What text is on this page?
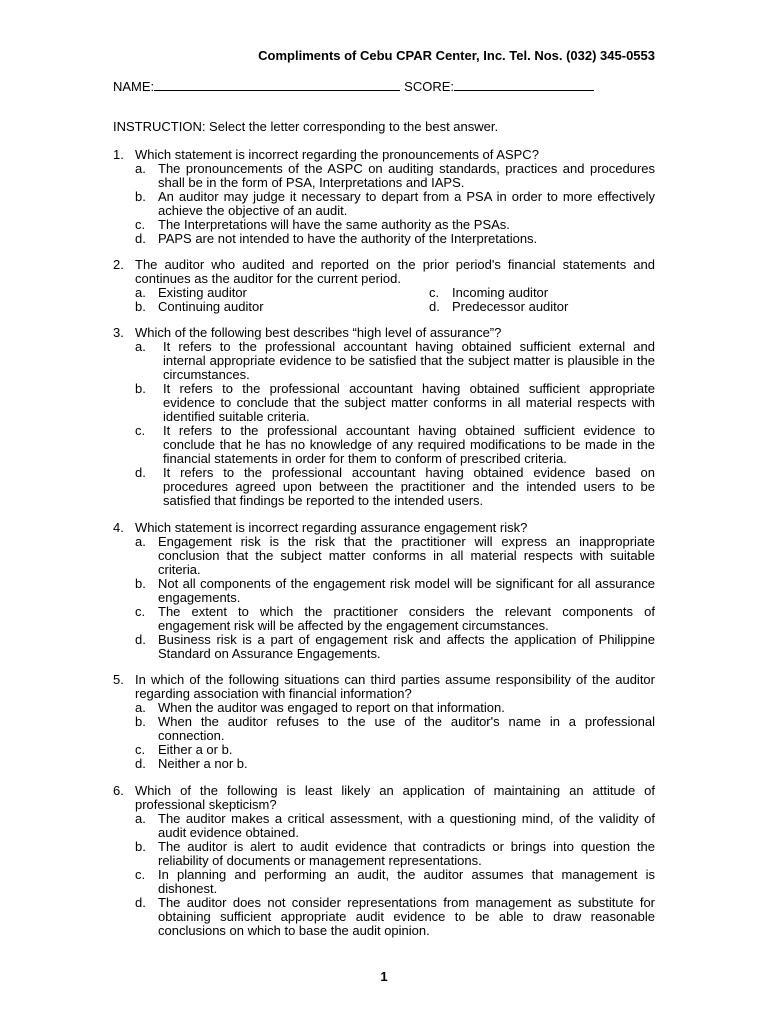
Compliments of Cebu CPAR Center, Inc. Tel. Nos. (032) 345-0553
NAME:	SCORE:
INSTRUCTION: Select the letter corresponding to the best answer.
1. Which statement is incorrect regarding the pronouncements of ASPC?
a. The pronouncements of the ASPC on auditing standards, practices and procedures shall be in the form of PSA, Interpretations and IAPS.
b. An auditor may judge it necessary to depart from a PSA in order to more effectively achieve the objective of an audit.
c. The Interpretations will have the same authority as the PSAs.
d. PAPS are not intended to have the authority of the Interpretations.
2. The auditor who audited and reported on the prior period's financial statements and continues as the auditor for the current period.
a. Existing auditor	c. Incoming auditor
b. Continuing auditor	d. Predecessor auditor
3. Which of the following best describes “high level of assurance”?
a.	It refers to the professional accountant having obtained sufficient external and internal appropriate evidence to be satisfied that the subject matter is plausible in the circumstances.
b.	It refers to the professional accountant having obtained sufficient appropriate evidence to conclude that the subject matter conforms in all material respects with identified suitable criteria.
c.	It refers to the professional accountant having obtained sufficient evidence to conclude that he has no knowledge of any required modifications to be made in the financial statements in order for them to conform of prescribed criteria.
d.	It refers to the professional accountant having obtained evidence based on procedures agreed upon between the practitioner and the intended users to be satisfied that findings be reported to the intended users.
4. Which statement is incorrect regarding assurance engagement risk?
a. Engagement risk is the risk that the practitioner will express an inappropriate conclusion that the subject matter conforms in all material respects with suitable criteria.
b. Not all components of the engagement risk model will be significant for all assurance engagements.
c. The extent to which the practitioner considers the relevant components of engagement risk will be affected by the engagement circumstances.
d. Business risk is a part of engagement risk and affects the application of Philippine Standard on Assurance Engagements.
5. In which of the following situations can third parties assume responsibility of the auditor regarding association with financial information?
a. When the auditor was engaged to report on that information.
b. When the auditor refuses to the use of the auditor's name in a professional connection.
c. Either a or b.
d. Neither a nor b.
6. Which of the following is least likely an application of maintaining an attitude of professional skepticism?
a. The auditor makes a critical assessment, with a questioning mind, of the validity of audit evidence obtained.
b. The auditor is alert to audit evidence that contradicts or brings into question the reliability of documents or management representations.
c. In planning and performing an audit, the auditor assumes that management is dishonest.
d. The auditor does not consider representations from management as substitute for obtaining sufficient appropriate audit evidence to be able to draw reasonable conclusions on which to base the audit opinion.
1
